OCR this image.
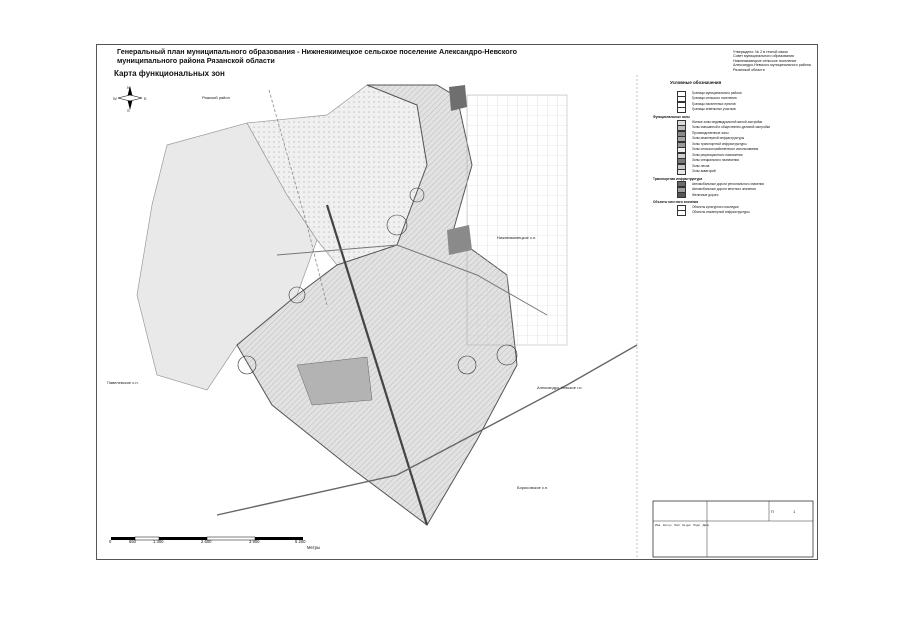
Генеральный план муниципального образования - Нижнеякимецкое сельское поселение Александро-Невского
муниципального района Рязанской области
Карта функциональных зон
N
S
E
W	Ряжский район
Павелевское с.п.
Александро-Невское г.п.
Борисовское с.п.
Нижнеякимецкое с.п.
0	650	1 300	2 600	3 900	5 200
Метры
Утверждено: № 2 в тесной связи
Совет муниципального образования
Нижнеякимецкое сельское поселение
Александро-Невского муниципального района
Рязанской области
Условные обозначения
Границы муниципального района
Границы сельского поселения
Границы населенных пунктов
Границы земельных участков
Функциональные зоны
Жилые зоны индивидуальной жилой застройки
Зоны смешанной и общественно-деловой застройки
Производственные зоны
Зоны инженерной инфраструктуры
Зоны транспортной инфраструктуры
Зоны сельскохозяйственного использования
Зоны рекреационного назначения
Зоны специального назначения
Зоны лесов
Зоны акваторий
Транспортная инфраструктура
Автомобильные дороги регионального значения
Автомобильные дороги местного значения
Железные дороги
Объекты местного значения
Объекты культурного наследия
Объекты инженерной инфраструктуры
Изм. Кол.уч. Лист № док. Подп. Дата
П	1
